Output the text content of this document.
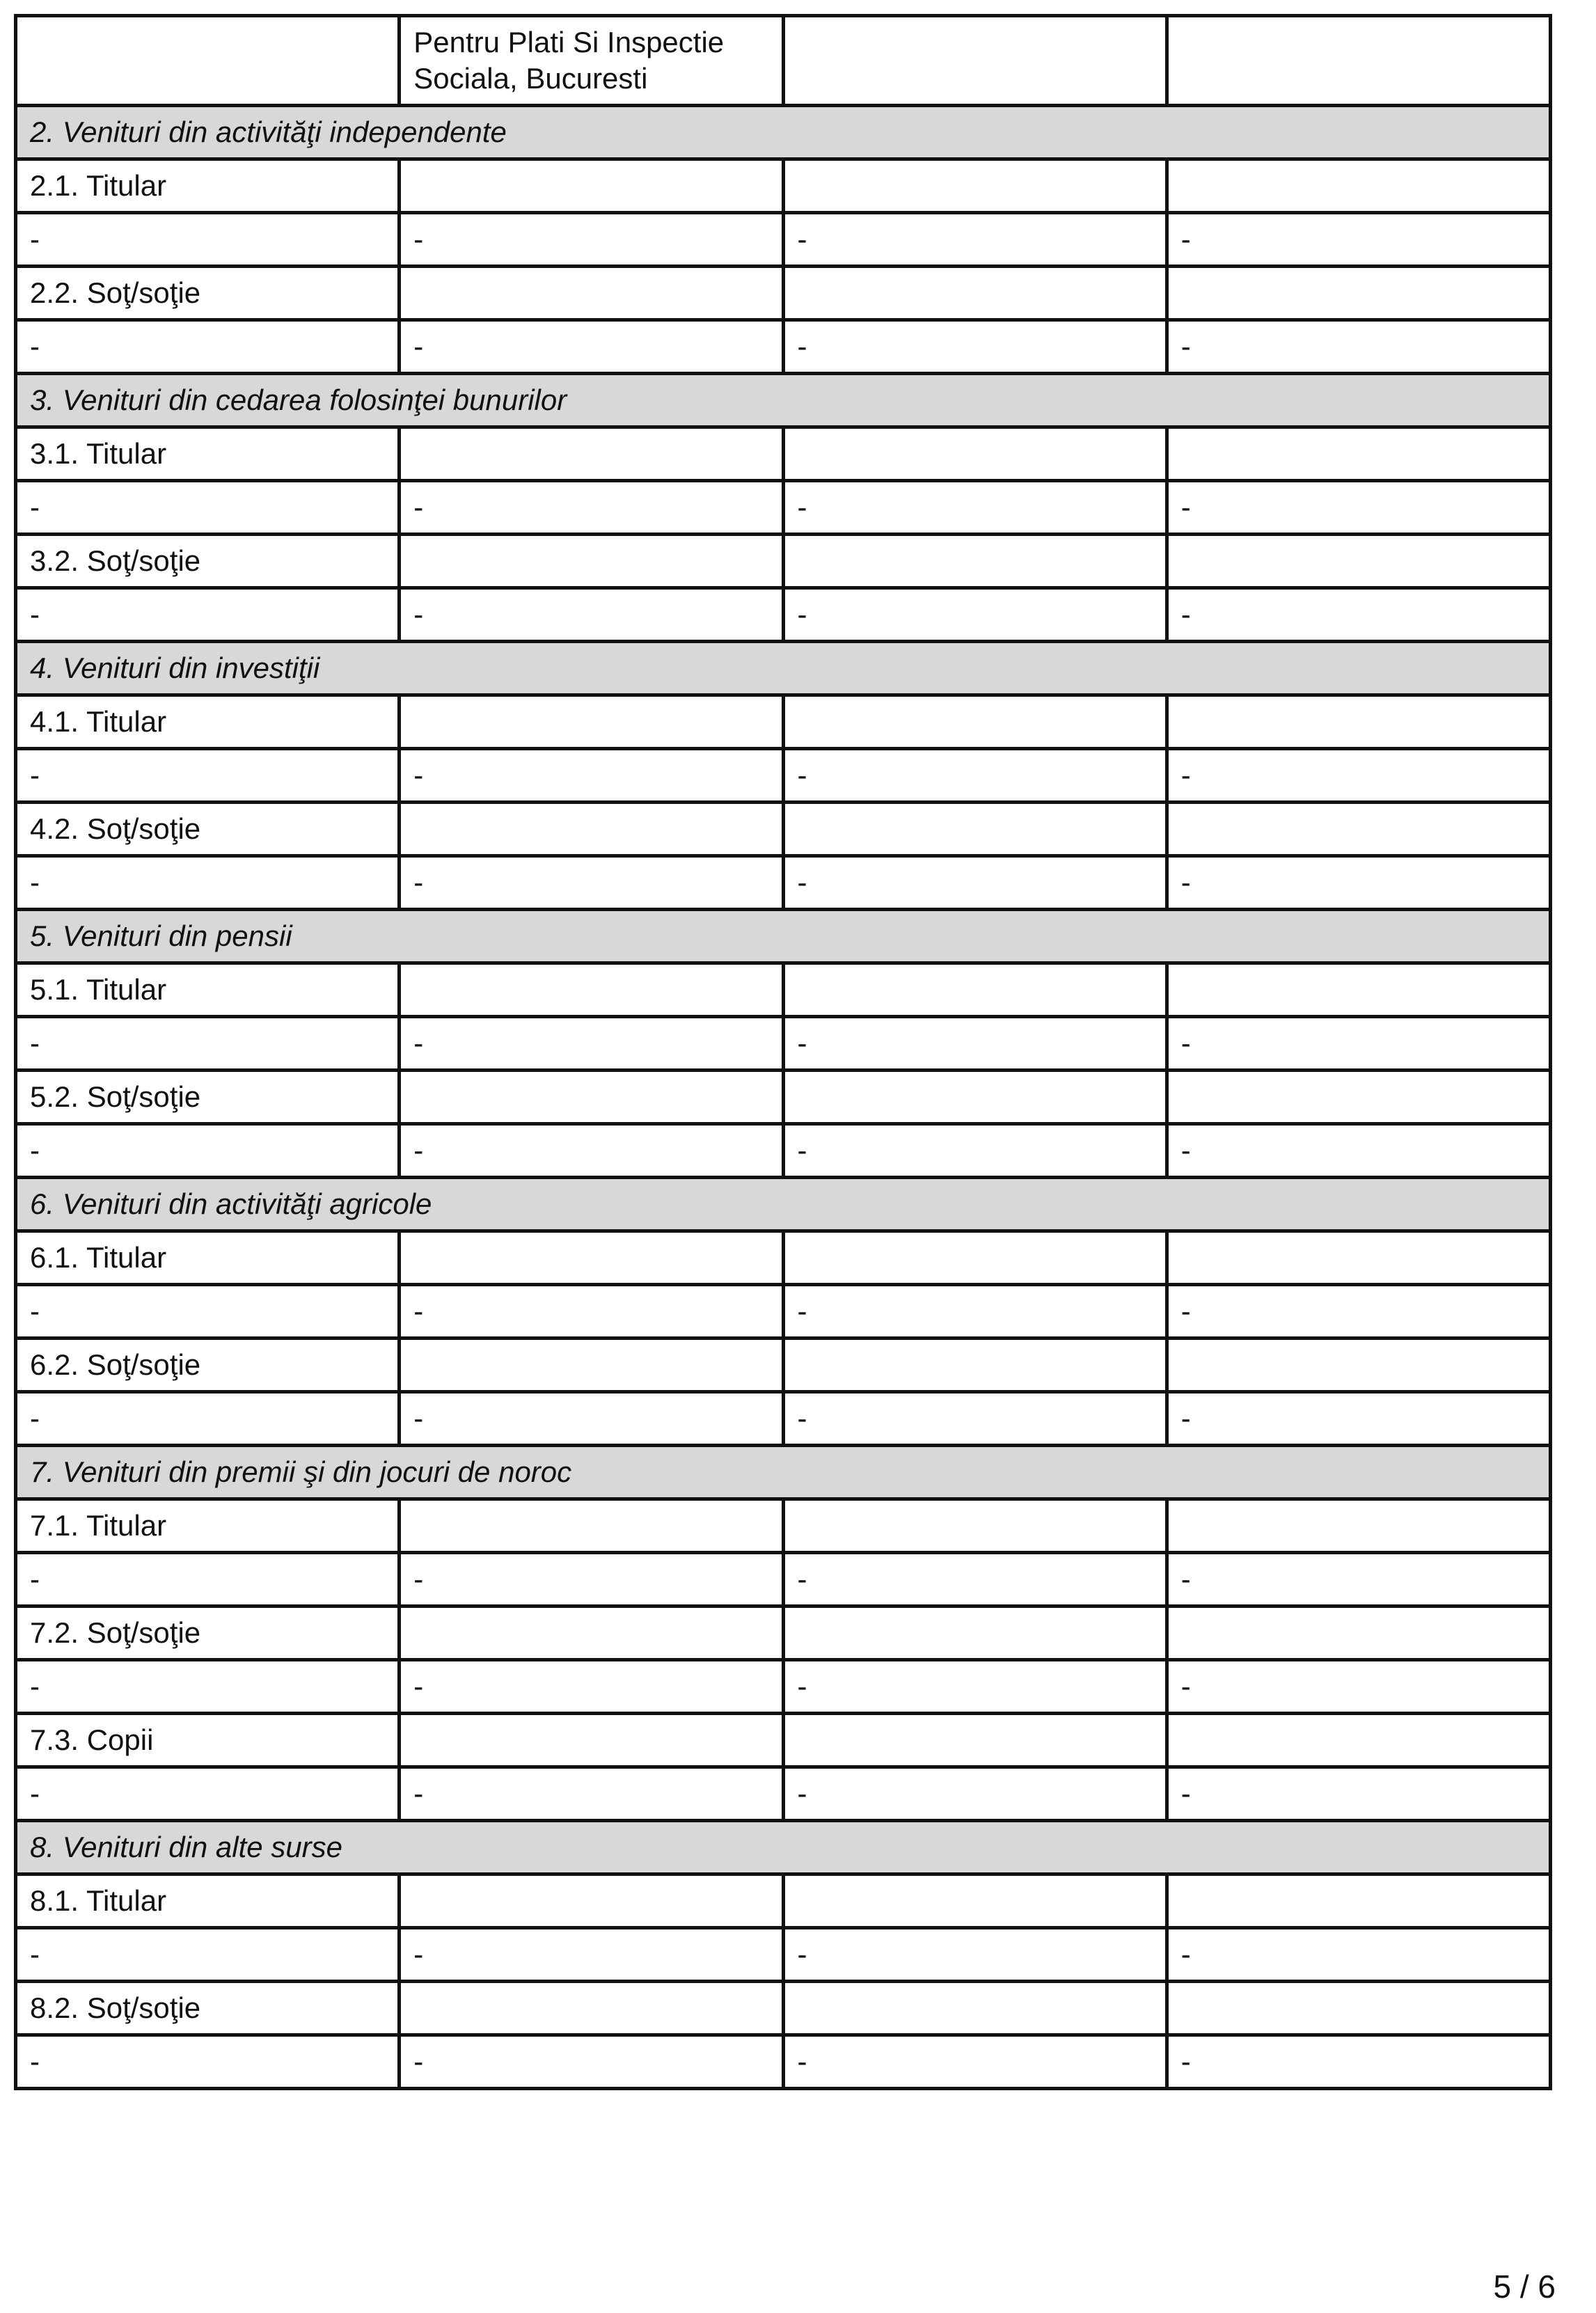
	Pentru Plati Si Inspectie Sociala, Bucuresti		
2. Venituri din activităţi independente			
2.1. Titular			
-	-	-	-
2.2. Soţ/soţie			
-	-	-	-
3. Venituri din cedarea folosinţei bunurilor			
3.1. Titular			
-	-	-	-
3.2. Soţ/soţie			
-	-	-	-
4. Venituri din investiţii			
4.1. Titular			
-	-	-	-
4.2. Soţ/soţie			
-	-	-	-
5. Venituri din pensii			
5.1. Titular			
-	-	-	-
5.2. Soţ/soţie			
-	-	-	-
6. Venituri din activităţi agricole			
6.1. Titular			
-	-	-	-
6.2. Soţ/soţie			
-	-	-	-
7. Venituri din premii şi din jocuri de noroc			
7.1. Titular			
-	-	-	-
7.2. Soţ/soţie			
-	-	-	-
7.3. Copii			
-	-	-	-
8. Venituri din alte surse			
8.1. Titular			
-	-	-	-
8.2. Soţ/soţie			
-	-	-	-
5 / 6
